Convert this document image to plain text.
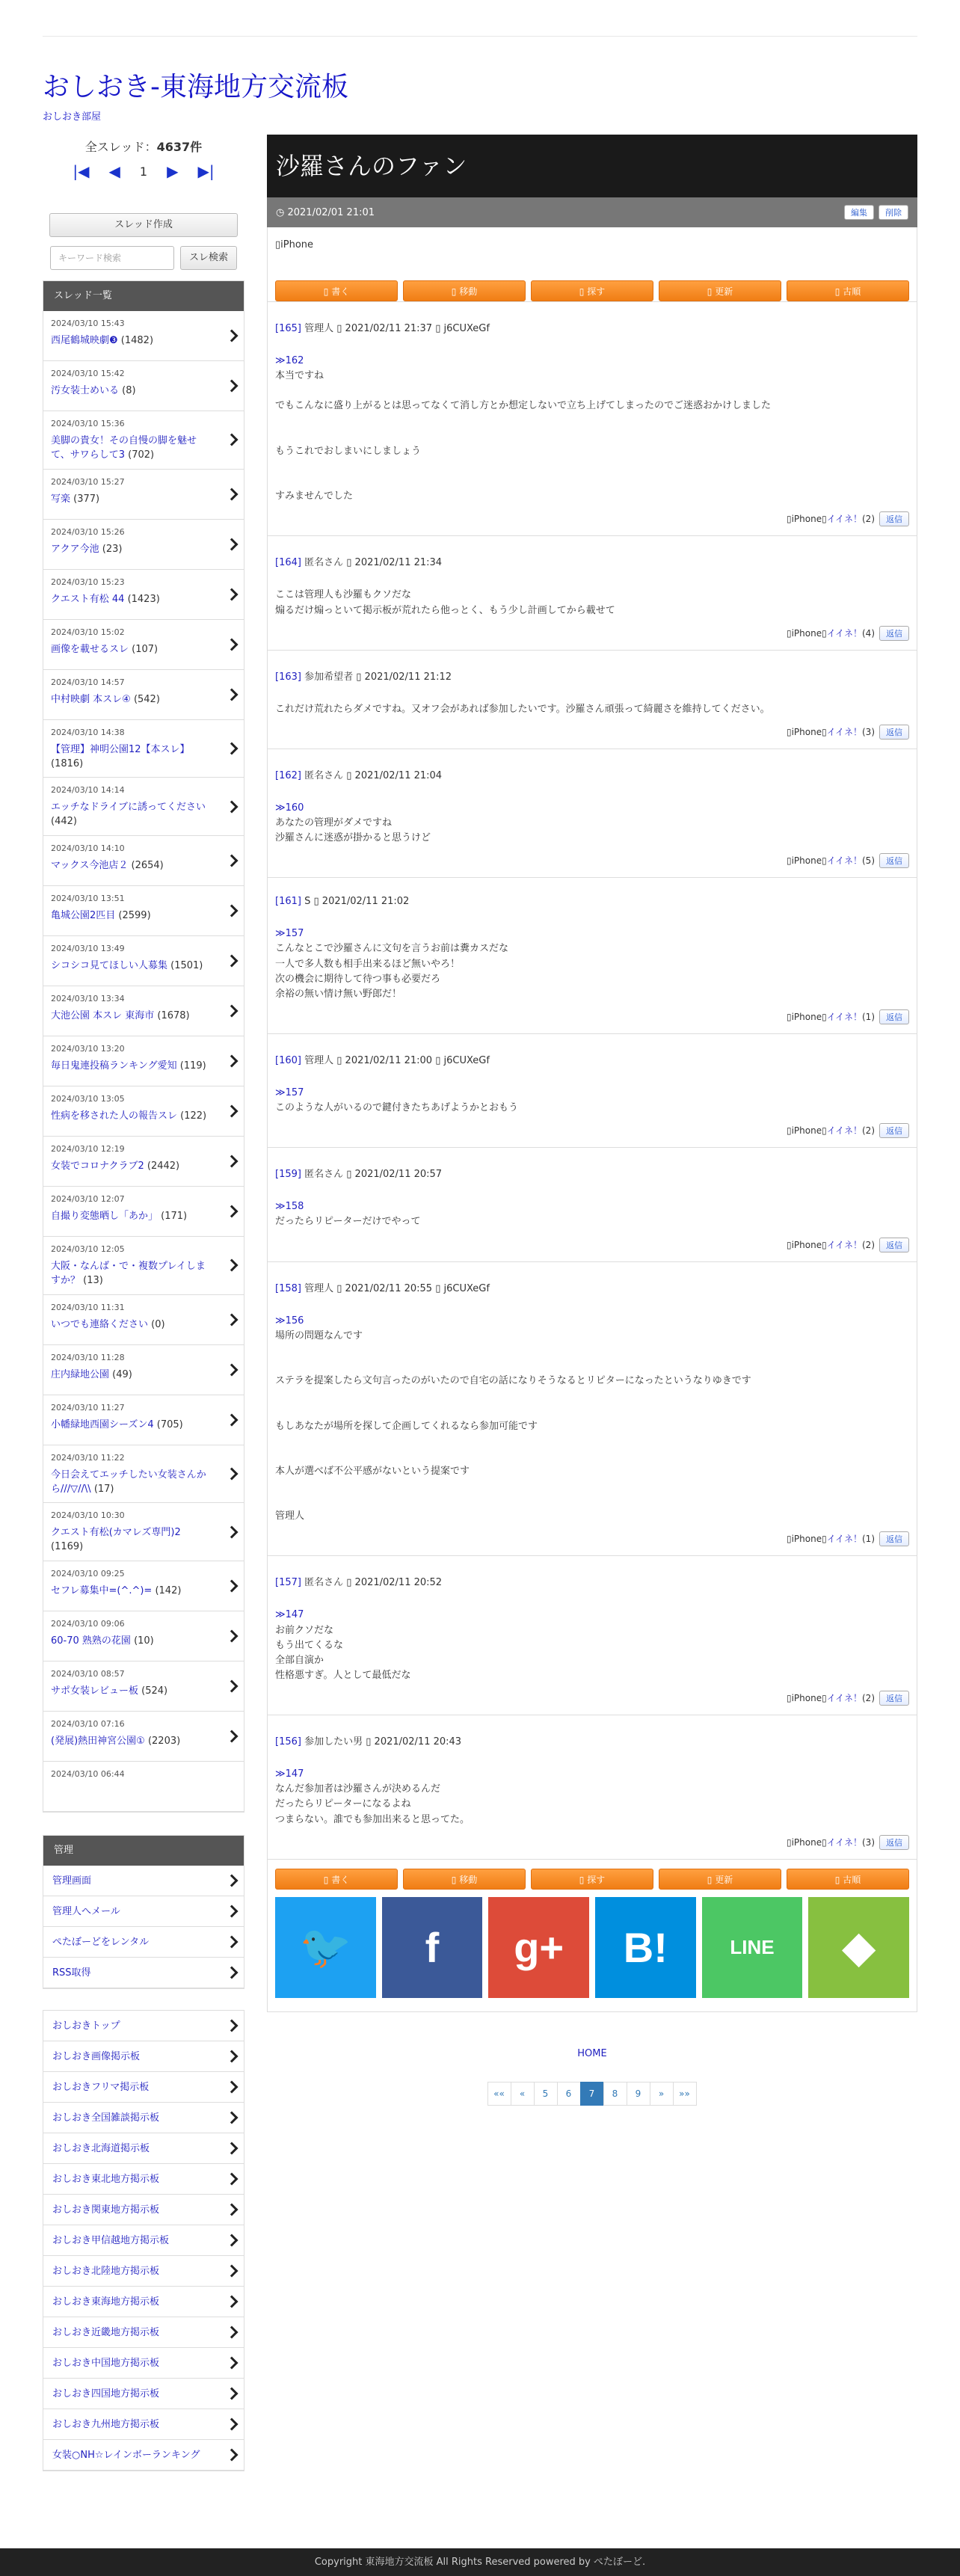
おしおき-東海地方交流板
おしおき部屋
全スレッド：4637件
|◀ ◀ 1 ▶ ▶|
スレッド作成
キーワード検索	スレ検索
スレッド一覧
2024/03/10 15:43
西尾鶴城映劇❸ (1482)
2024/03/10 15:42
汚女装士めいる (8)
2024/03/10 15:36
美脚の貴女！その自慢の脚を魅せて、サワらして3 (702)
2024/03/10 15:27
写楽 (377)
2024/03/10 15:26
アクア今池 (23)
2024/03/10 15:23
クエスト有松 44 (1423)
2024/03/10 15:02
画像を載せるスレ (107)
2024/03/10 14:57
中村映劇 本スレ④ (542)
2024/03/10 14:38
【管理】神明公園12【本スレ】 (1816)
2024/03/10 14:14
エッチなドライブに誘ってください (442)
2024/03/10 14:10
マックス今池店２ (2654)
2024/03/10 13:51
亀城公園2匹目 (2599)
2024/03/10 13:49
シコシコ見てほしい人募集 (1501)
2024/03/10 13:34
大池公園 本スレ 東海市 (1678)
2024/03/10 13:20
毎日鬼連投稿ランキング愛知 (119)
2024/03/10 13:05
性病を移された人の報告スレ (122)
2024/03/10 12:19
女装でコロナクラブ2 (2442)
2024/03/10 12:07
自撮り変態晒し「あか」 (171)
2024/03/10 12:05
大阪・なんば・で・複数プレイしますか？ (13)
2024/03/10 11:31
いつでも連絡ください (0)
2024/03/10 11:28
庄内緑地公園 (49)
2024/03/10 11:27
小幡緑地西園シーズン4 (705)
2024/03/10 11:22
今日会えてエッチしたい女装さんから///▽//\\ (17)
2024/03/10 10:30
クエスト有松(カマレズ専門)2 (1169)
2024/03/10 09:25
セフレ募集中=(^.^)= (142)
2024/03/10 09:06
60-70 熟熟の花園 (10)
2024/03/10 08:57
サポ女装レビュー板 (524)
2024/03/10 07:16
(発展)熱田神宮公園① (2203)
2024/03/10 06:44
管理
管理画面
管理人へメール
ぺたぼーどをレンタル
RSS取得
おしおきトップ
おしおき画像掲示板
おしおきフリマ掲示板
おしおき全国雑談掲示板
おしおき北海道掲示板
おしおき東北地方掲示板
おしおき関東地方掲示板
おしおき甲信越地方掲示板
おしおき北陸地方掲示板
おしおき東海地方掲示板
おしおき近畿地方掲示板
おしおき中国地方掲示板
おしおき四国地方掲示板
おしおき九州地方掲示板
女装○NH☆レインボーランキング
沙羅さんのファン
◷ 2021/02/01 21:01	編集	削除
▯iPhone
▯ 書く	▯ 移動	▯ 探す	▯ 更新	▯ 古順
[165] 管理人 ▯ 2021/02/11 21:37 ▯ j6CUXeGf
≫162
本当ですね

でもこんなに盛り上がるとは思ってなくて消し方とか想定しないで立ち上げてしまったのでご迷惑おかけしました

もうこれでおしまいにしましょう

すみませんでした
▯iPhone▯イイネ！(2) 返信
[164] 匿名さん ▯ 2021/02/11 21:34
ここは管理人も沙羅もクソだな
煽るだけ煽っといて掲示板が荒れたら他っとく、もう少し計画してから載せて
▯iPhone▯イイネ！(4) 返信
[163] 参加希望者 ▯ 2021/02/11 21:12
これだけ荒れたらダメですね。又オフ会があれば参加したいです。沙羅さん頑張って綺麗さを維持してください。
▯iPhone▯イイネ！(3) 返信
[162] 匿名さん ▯ 2021/02/11 21:04
≫160
あなたの管理がダメですね
沙羅さんに迷惑が掛かると思うけど
▯iPhone▯イイネ！(5) 返信
[161] S ▯ 2021/02/11 21:02
≫157
こんなとこで沙羅さんに文句を言うお前は糞カスだな
一人で多人数も相手出来るほど無いやろ！
次の機会に期待して待つ事も必要だろ
余裕の無い情け無い野郎だ！
▯iPhone▯イイネ！(1) 返信
[160] 管理人 ▯ 2021/02/11 21:00 ▯ j6CUXeGf
≫157
このような人がいるので鍵付きたちあげようかとおもう
▯iPhone▯イイネ！(2) 返信
[159] 匿名さん ▯ 2021/02/11 20:57
≫158
だったらリピーターだけでやって
▯iPhone▯イイネ！(2) 返信
[158] 管理人 ▯ 2021/02/11 20:55 ▯ j6CUXeGf
≫156
場所の問題なんです

ステラを提案したら文句言ったのがいたので自宅の話になりそうなるとリピターになったというなりゆきです

もしあなたが場所を探して企画してくれるなら参加可能です

本人が選べば不公平感がないという提案です

管理人
▯iPhone▯イイネ！(1) 返信
[157] 匿名さん ▯ 2021/02/11 20:52
≫147
お前クソだな
もう出てくるな
全部自演か
性格悪すぎ。人として最低だな
▯iPhone▯イイネ！(2) 返信
[156] 参加したい男 ▯ 2021/02/11 20:43
≫147
なんだ参加者は沙羅さんが決めるんだ
だったらリピーターになるよね
つまらない。誰でも参加出来ると思ってた。
▯iPhone▯イイネ！(3) 返信
▯ 書く	▯ 移動	▯ 探す	▯ 更新	▯ 古順
🐦 f g+ B!	LINE ◆
HOME
««	«	5	6	7	8	9	»	»»
Copyright 東海地方交流板 All Rights Reserved powered by ぺたぼーど.
